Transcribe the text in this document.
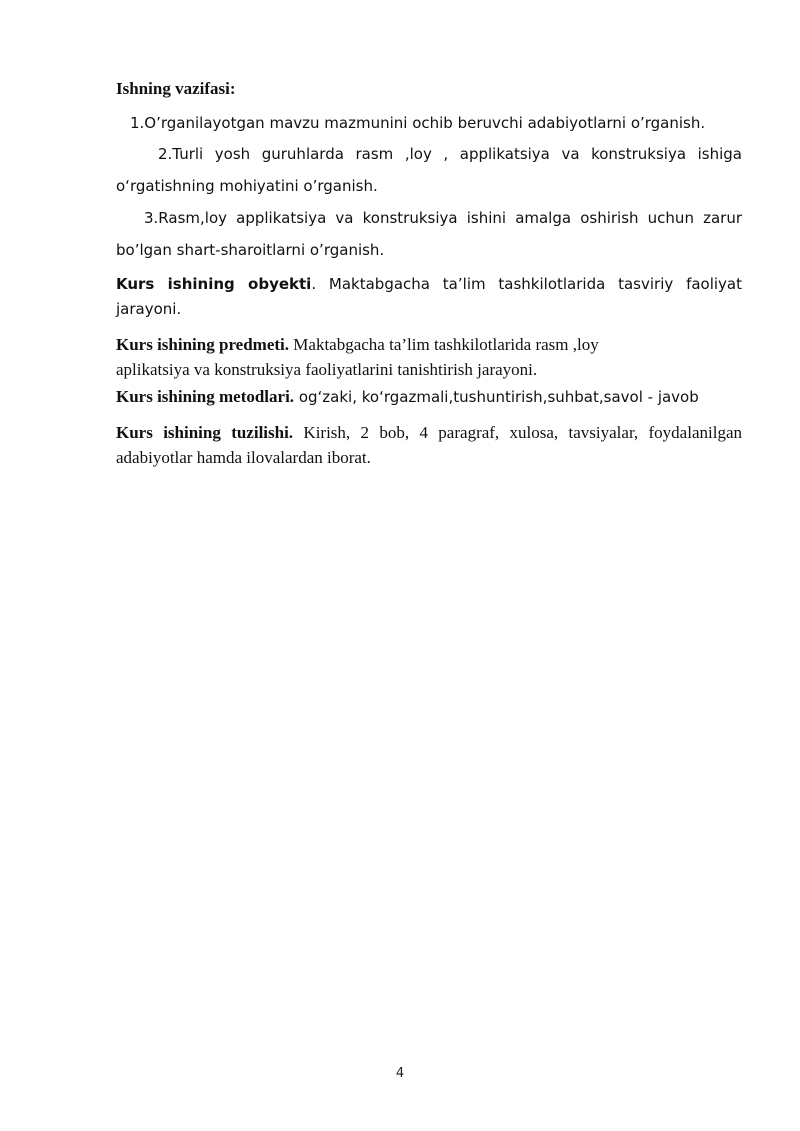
Ishning vazifasi:

1.O’rganilayotgan mavzu mazmunini ochib beruvchi adabiyotlarni o’rganish.

2.Turli yosh guruhlarda rasm ,loy , applikatsiya va konstruksiya ishiga o‘rgatishning mohiyatini o’rganish.

3.Rasm,loy applikatsiya va konstruksiya ishini amalga oshirish uchun zarur bo’lgan shart-sharoitlarni o’rganish.

Kurs ishining obyekti. Maktabgacha ta’lim tashkilotlarida tasviriy faoliyat jarayoni.

Kurs ishining predmeti. Maktabgacha ta’lim tashkilotlarida rasm ,loy
aplikatsiya va konstruksiya faoliyatlarini tanishtirish jarayoni.

Kurs ishining metodlari. og‘zaki, ko‘rgazmali,tushuntirish,suhbat,savol - javob

Kurs ishining tuzilishi. Kirish, 2 bob, 4 paragraf, xulosa, tavsiyalar, foydalanilgan adabiyotlar hamda ilovalardan iborat.

4
